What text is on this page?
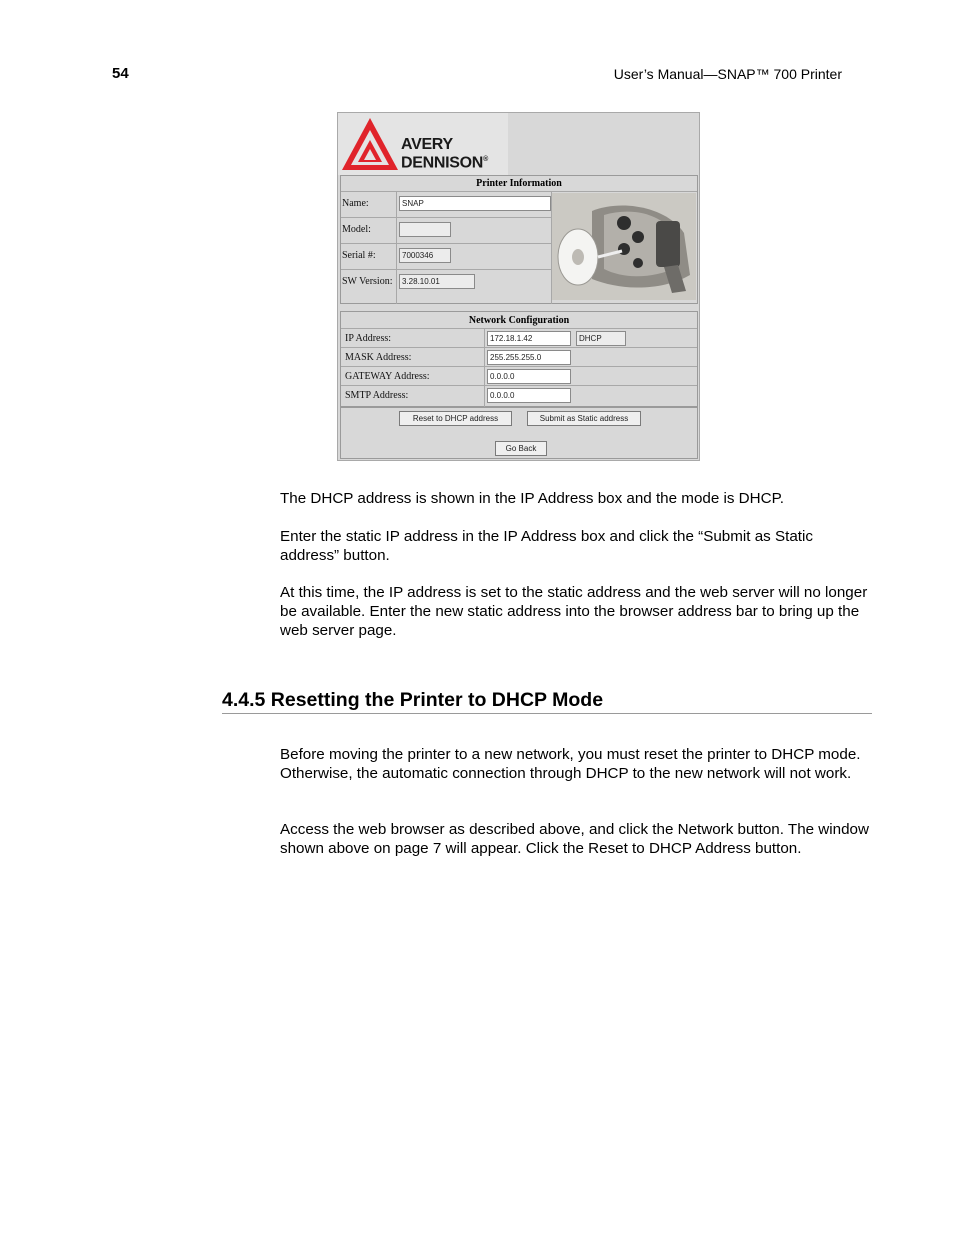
54	User’s Manual—SNAP™ 700 Printer
AVERY
DENNISON®
Printer Information
Name:	SNAP
Model:
Serial #:	7000346
SW Version:	3.28.10.01
Network Configuration
IP Address:	172.18.1.42	DHCP
MASK Address:	255.255.255.0
GATEWAY Address:	0.0.0.0
SMTP Address:	0.0.0.0
Reset to DHCP address	Submit as Static address
Go Back
The DHCP address is shown in the IP Address box and the mode is DHCP.
Enter the static IP address in the IP Address box and click the “Submit as Static address” button.
At this time, the IP address is set to the static address and the web server will no longer be available. Enter the new static address into the browser address bar to bring up the web server page.
4.4.5 Resetting the Printer to DHCP Mode
Before moving the printer to a new network, you must reset the printer to DHCP mode. Otherwise, the automatic connection through DHCP to the new network will not work.
Access the web browser as described above, and click the Network button. The window shown above on page 7 will appear. Click the Reset to DHCP Address button.
